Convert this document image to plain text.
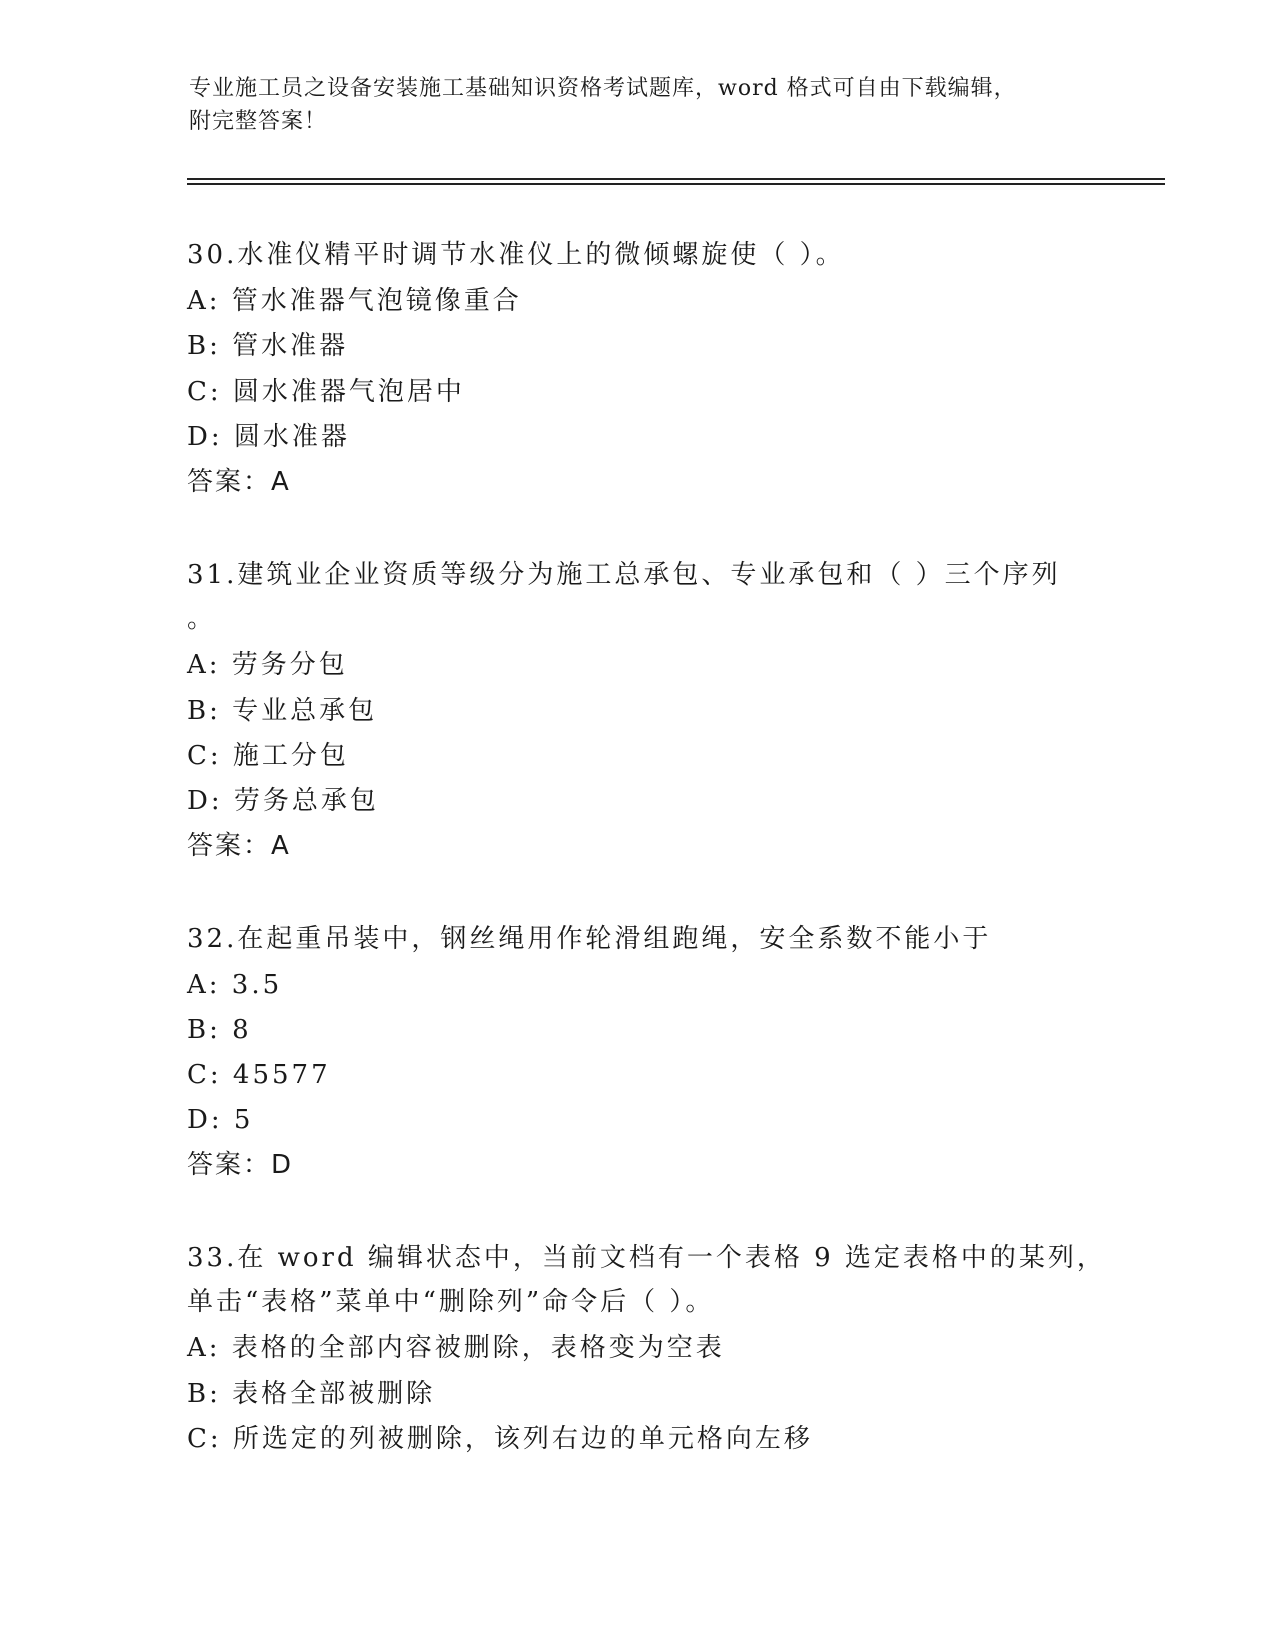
专业施工员之设备安装施工基础知识资格考试题库，word 格式可自由下载编辑，
附完整答案！
30.水准仪精平时调节水准仪上的微倾螺旋使（ ）。
A: 管水准器气泡镜像重合
B: 管水准器
C: 圆水准器气泡居中
D: 圆水准器
答案：A
31.建筑业企业资质等级分为施工总承包、专业承包和（ ）三个序列
。
A: 劳务分包
B: 专业总承包
C: 施工分包
D: 劳务总承包
答案：A
32.在起重吊装中，钢丝绳用作轮滑组跑绳，安全系数不能小于
A: 3.5
B: 8
C: 45577
D: 5
答案：D
33.在 word 编辑状态中，当前文档有一个表格 9 选定表格中的某列，
单击“表格”菜单中“删除列”命令后（ ）。
A: 表格的全部内容被删除，表格变为空表
B: 表格全部被删除
C: 所选定的列被删除，该列右边的单元格向左移
